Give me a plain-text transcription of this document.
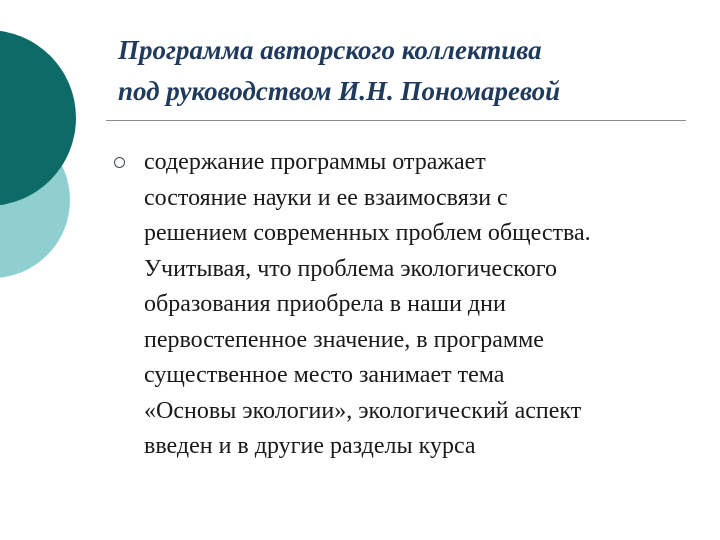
Программа авторского коллектива
под руководством И.Н. Пономаревой

содержание программы отражает
состояние науки и ее взаимосвязи с
решением современных проблем общества.
Учитывая, что проблема экологического
образования приобрела в наши дни
первостепенное значение, в программе
существенное место занимает тема
«Основы экологии», экологический аспект
введен и в другие разделы курса
